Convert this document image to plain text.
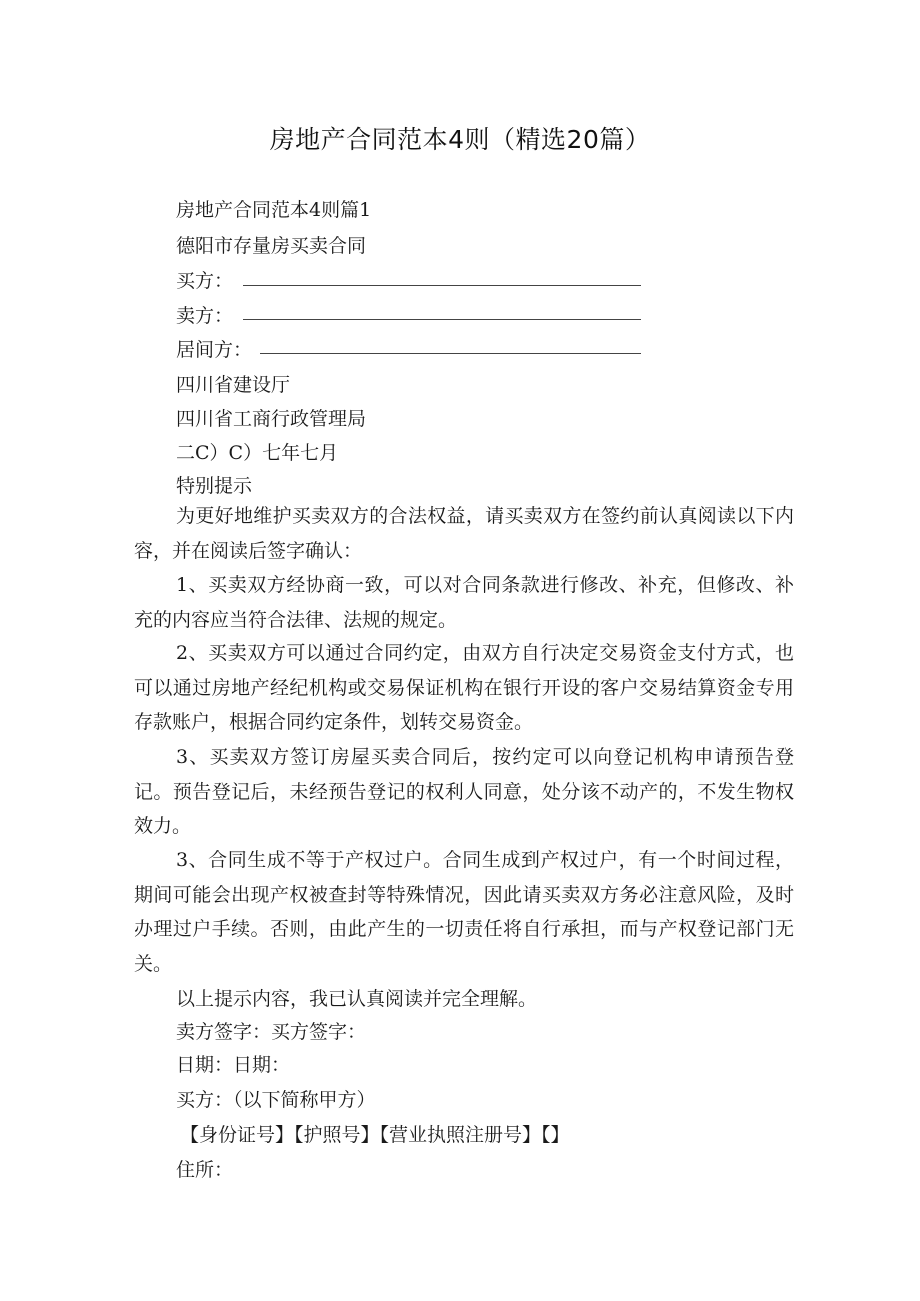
房地产合同范本4则（精选20篇）
房地产合同范本4则篇1
德阳市存量房买卖合同
买方：
卖方：
居间方：
四川省建设厅
四川省工商行政管理局
二C）C）七年七月
特别提示
为更好地维护买卖双方的合法权益，请买卖双方在签约前认真阅读以下内容，并在阅读后签字确认：
1、买卖双方经协商一致，可以对合同条款进行修改、补充，但修改、补充的内容应当符合法律、法规的规定。
2、买卖双方可以通过合同约定，由双方自行决定交易资金支付方式，也可以通过房地产经纪机构或交易保证机构在银行开设的客户交易结算资金专用存款账户，根据合同约定条件，划转交易资金。
3、买卖双方签订房屋买卖合同后，按约定可以向登记机构申请预告登记。预告登记后，未经预告登记的权利人同意，处分该不动产的，不发生物权效力。
3、合同生成不等于产权过户。合同生成到产权过户，有一个时间过程，期间可能会出现产权被查封等特殊情况，因此请买卖双方务必注意风险，及时办理过户手续。否则，由此产生的一切责任将自行承担，而与产权登记部门无关。
以上提示内容，我已认真阅读并完全理解。
卖方签字：买方签字：
日期：日期：
买方：（以下简称甲方）
【身份证号】【护照号】【营业执照注册号】【】
住所：
